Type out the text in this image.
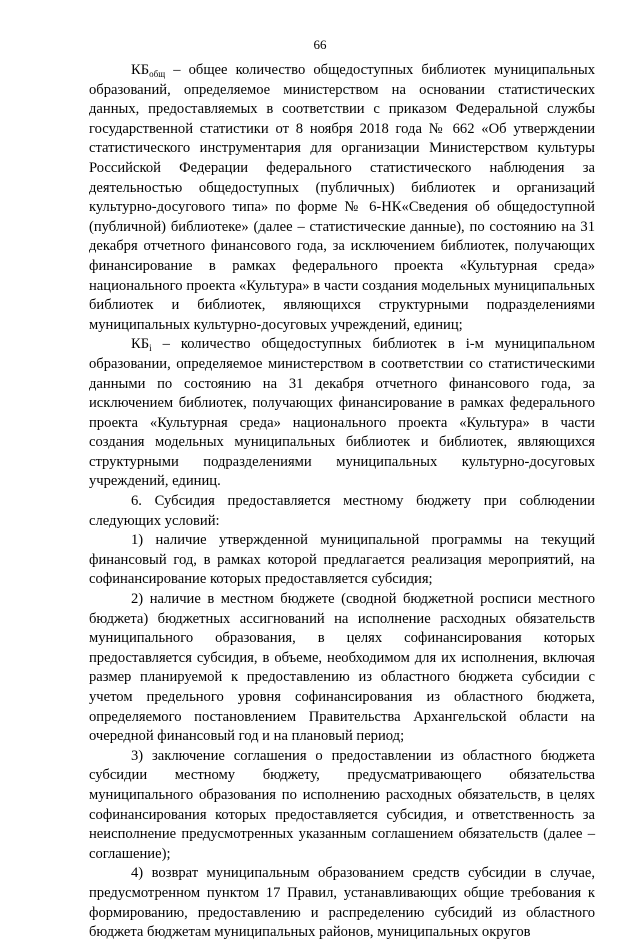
66

$КБ_{общ}$ – общее количество общедоступных библиотек муниципальных образований, определяемое министерством на основании статистических данных, предоставляемых в соответствии с приказом Федеральной службы государственной статистики от 8 ноября 2018 года № 662 «Об утверждении статистического инструментария для организации Министерством культуры Российской Федерации федерального статистического наблюдения за деятельностью общедоступных (публичных) библиотек и организаций культурно-досугового типа» по форме № 6-НК«Сведения об общедоступной (публичной) библиотеке» (далее – статистические данные), по состоянию на 31 декабря отчетного финансового года, за исключением библиотек, получающих финансирование в рамках федерального проекта «Культурная среда» национального проекта «Культура» в части создания модельных муниципальных библиотек и библиотек, являющихся структурными подразделениями муниципальных культурно-досуговых учреждений, единиц;

$КБ_i$ – количество общедоступных библиотек в i-м муниципальном образовании, определяемое министерством в соответствии со статистическими данными по состоянию на 31 декабря отчетного финансового года, за исключением библиотек, получающих финансирование в рамках федерального проекта «Культурная среда» национального проекта «Культура» в части создания модельных муниципальных библиотек и библиотек, являющихся структурными подразделениями муниципальных культурно-досуговых учреждений, единиц.

6. Субсидия предоставляется местному бюджету при соблюдении следующих условий:

1) наличие утвержденной муниципальной программы на текущий финансовый год, в рамках которой предлагается реализация мероприятий, на софинансирование которых предоставляется субсидия;

2) наличие в местном бюджете (сводной бюджетной росписи местного бюджета) бюджетных ассигнований на исполнение расходных обязательств муниципального образования, в целях софинансирования которых предоставляется субсидия, в объеме, необходимом для их исполнения, включая размер планируемой к предоставлению из областного бюджета субсидии с учетом предельного уровня софинансирования из областного бюджета, определяемого постановлением Правительства Архангельской области на очередной финансовый год и на плановый период;

3) заключение соглашения о предоставлении из областного бюджета субсидии местному бюджету, предусматривающего обязательства муниципального образования по исполнению расходных обязательств, в целях софинансирования которых предоставляется субсидия, и ответственность за неисполнение предусмотренных указанным соглашением обязательств (далее – соглашение);

4) возврат муниципальным образованием средств субсидии в случае, предусмотренном пунктом 17 Правил, устанавливающих общие требования к формированию, предоставлению и распределению субсидий из областного бюджета бюджетам муниципальных районов, муниципальных округов
